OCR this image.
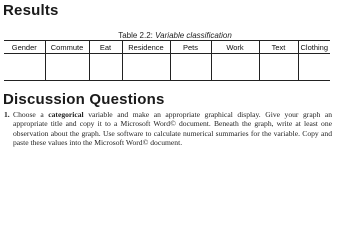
Results
Table 2.2: Variable classification
Gender	Commute	Eat	Residence	Pets	Work	Text	Clothing

Discussion Questions
1. Choose a categorical variable and make an appropriate graphical display. Give your graph an appropriate title and copy it to a Microsoft Word© document. Beneath the graph, write at least one observation about the graph. Use software to calculate numerical summaries for the variable. Copy and paste these values into the Microsoft Word© document.
